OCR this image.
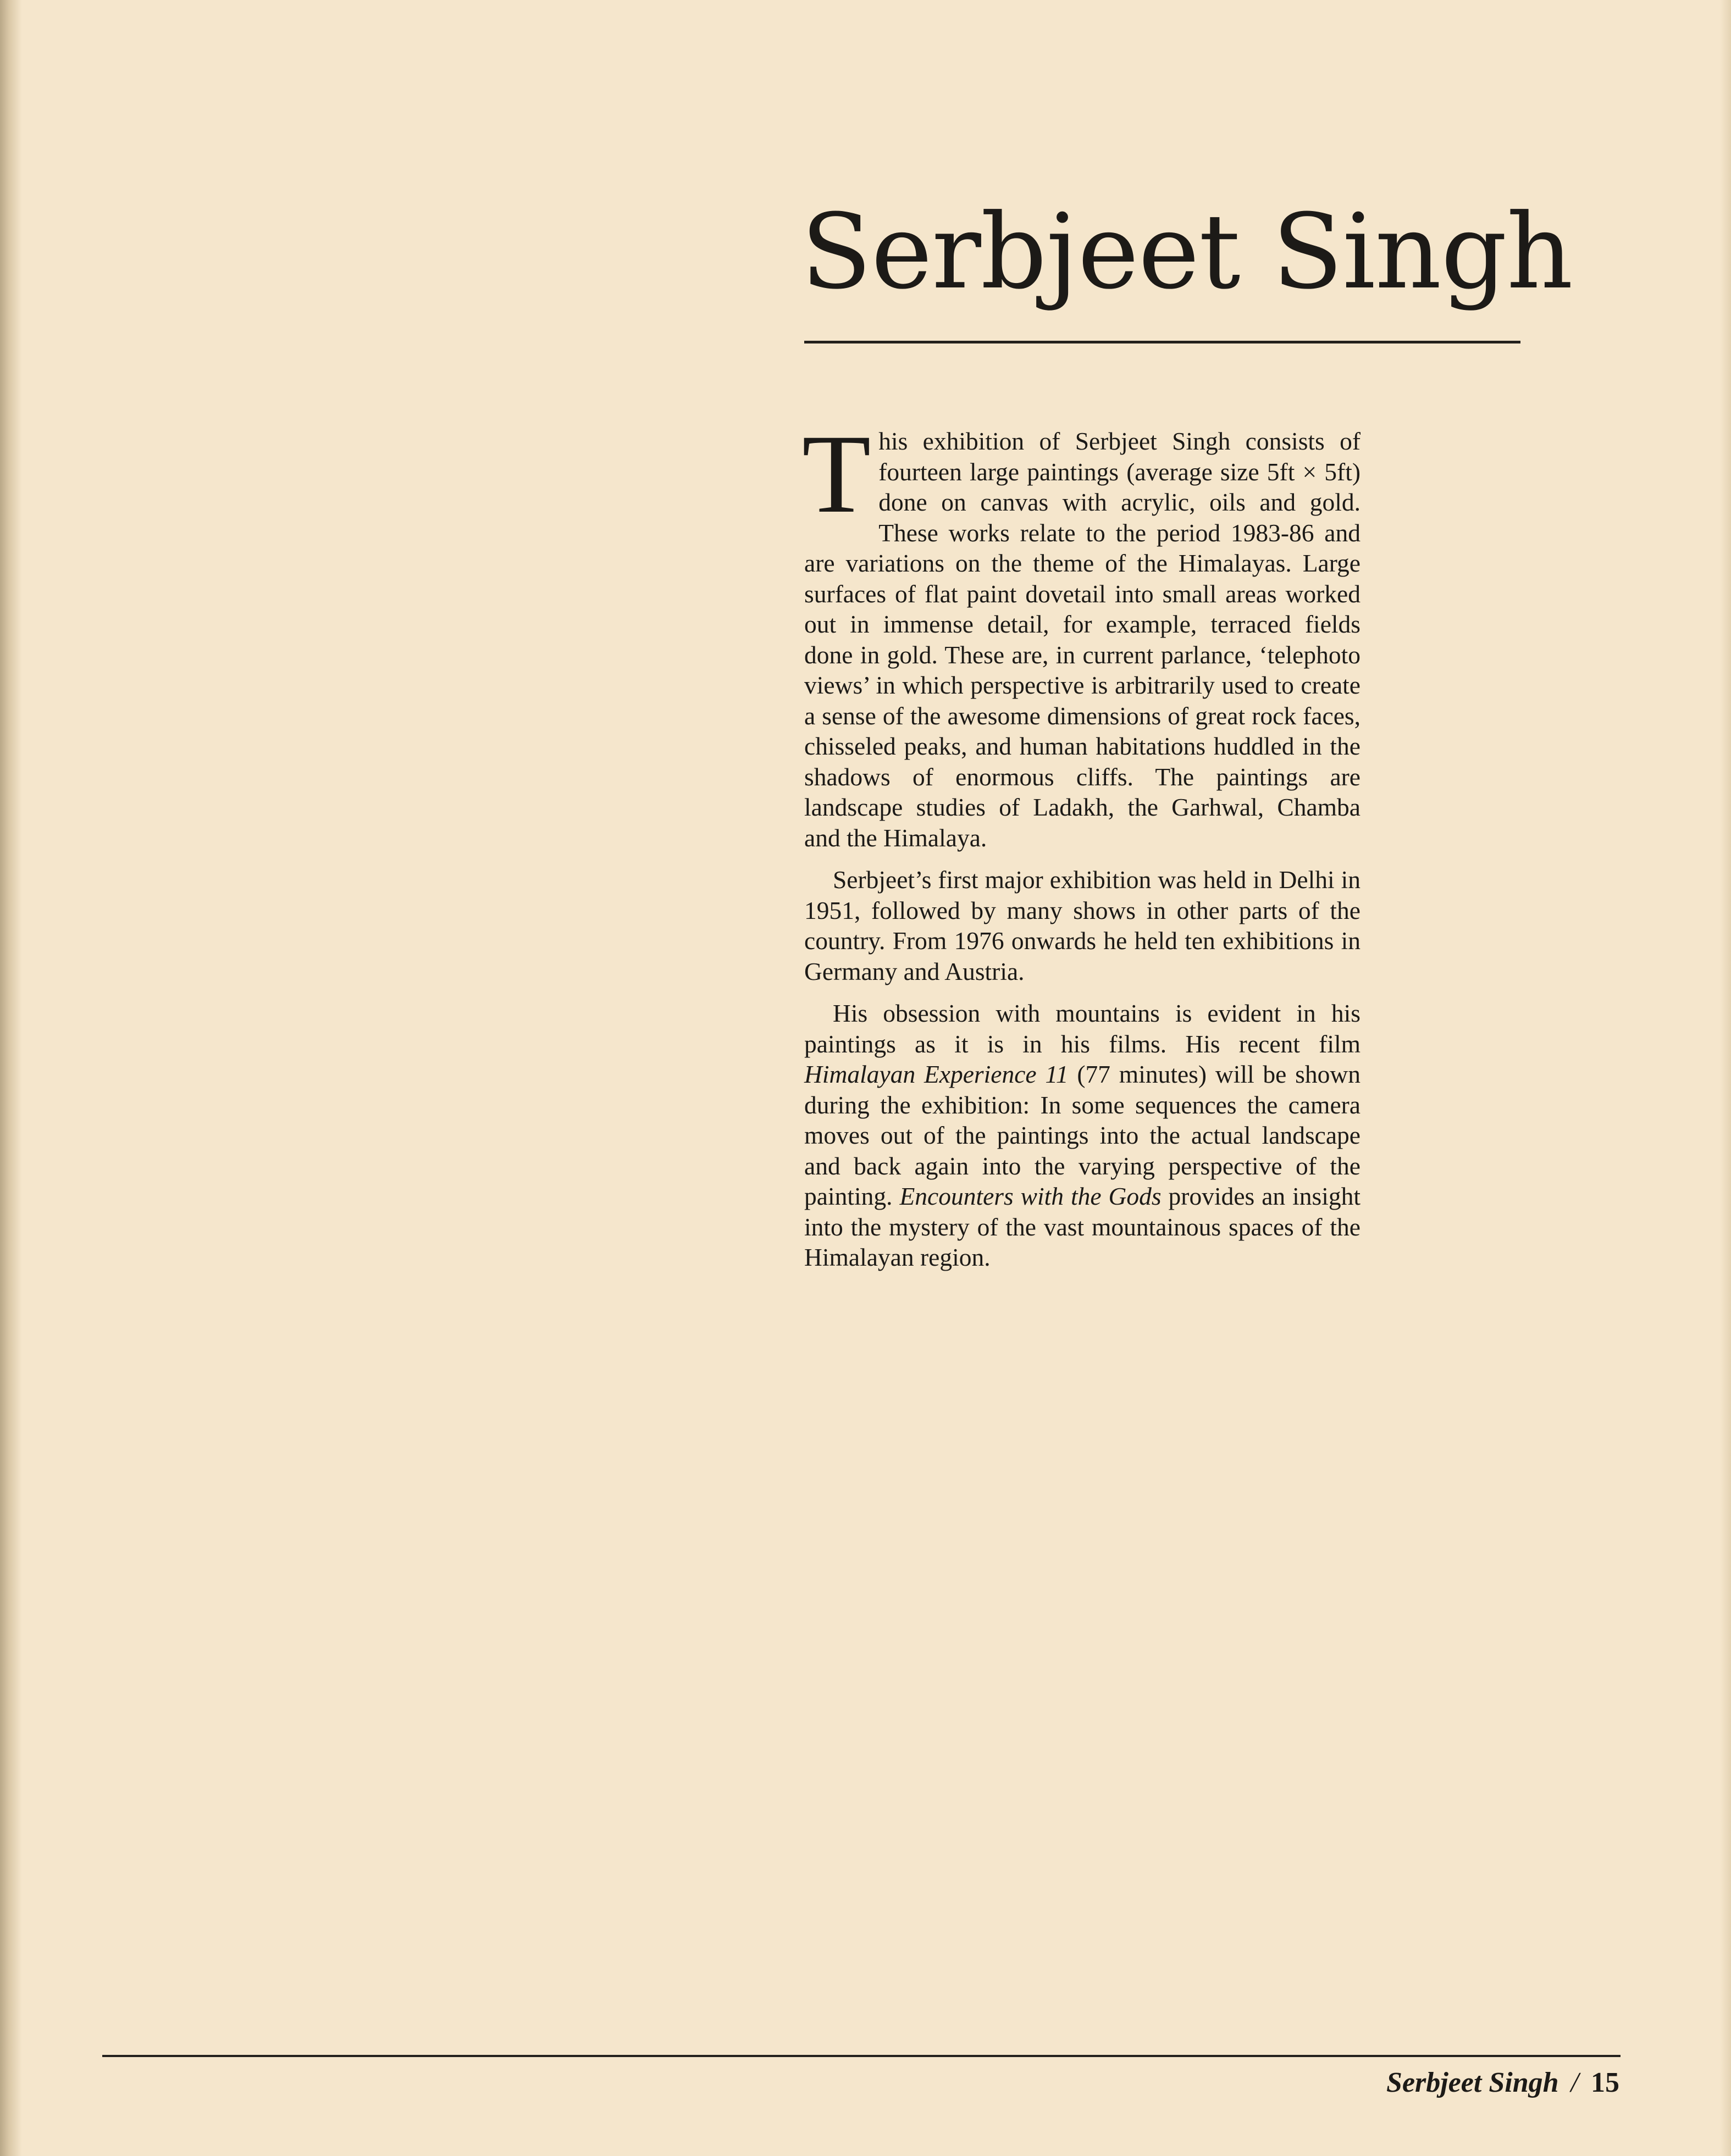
Serbjeet Singh

This exhibition of Serbjeet Singh consists of fourteen large paintings (average size 5ft × 5ft) done on canvas with acrylic, oils and gold. These works relate to the period 1983-86 and are variations on the theme of the Himalayas. Large surfaces of flat paint dovetail into small areas worked out in immense detail, for example, terraced fields done in gold. These are, in current parlance, ‘telephoto views’ in which perspective is arbitrarily used to create a sense of the awesome dimensions of great rock faces, chisseled peaks, and human habitations huddled in the shadows of enormous cliffs. The paintings are landscape studies of Ladakh, the Garhwal, Chamba and the Himalaya.

Serbjeet’s first major exhibition was held in Delhi in 1951, followed by many shows in other parts of the country. From 1976 onwards he held ten exhibitions in Germany and Austria.

His obsession with mountains is evident in his paintings as it is in his films. His recent film Himalayan Experience 11 (77 minutes) will be shown during the exhibition: In some sequences the camera moves out of the paintings into the actual landscape and back again into the varying perspective of the painting. Encounters with the Gods provides an insight into the mystery of the vast mountainous spaces of the Himalayan region.

Serbjeet Singh / 15
